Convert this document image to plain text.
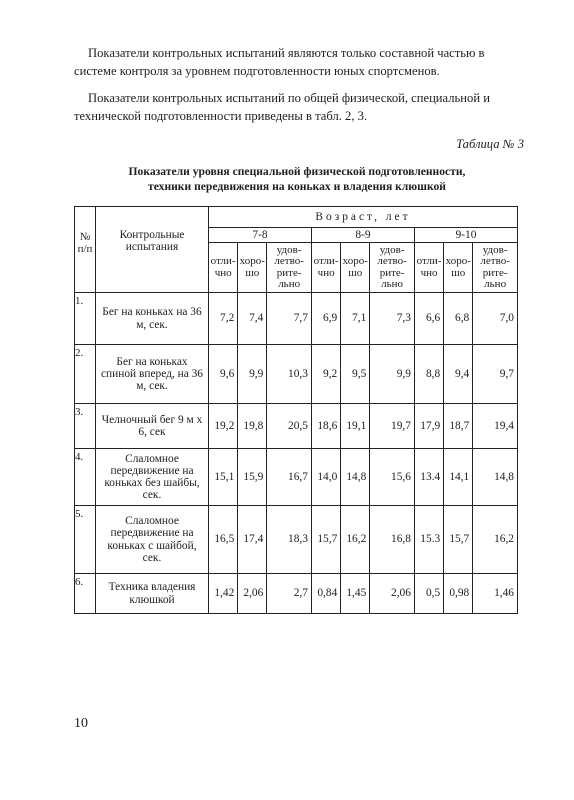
Показатели контрольных испытаний являются только составной частью в системе контроля за уровнем подготовленности юных спортсменов.

Показатели контрольных испытаний по общей физической, специальной и технической подготовленности приведены в табл. 2, 3.

Таблица № 3
Показатели уровня специальной физической подготовленности,
техники передвижения на коньках и владения клюшкой
№ п/п	Контрольные испытания	Возраст, лет								
		7-8			8-9			9-10		
		отли-чно	хоро-шо	удов-летво-рите-льно	отли-чно	хоро-шо	удов-летво-рите-льно	отли-чно	хоро-шо	удов-летво-рите-льно
1.	Бег на коньках на 36 м, сек.	7,2	7,4	7,7	6,9	7,1	7,3	6,6	6,8	7,0
2.	Бег на коньках спиной вперед, на 36 м, сек.	9,6	9,9	10,3	9,2	9,5	9,9	8,8	9,4	9,7
3.	Челночный бег 9 м х 6, сек	19,2	19,8	20,5	18,6	19,1	19,7	17,9	18,7	19,4
4.	Слаломное передвижение на коньках без шайбы, сек.	15,1	15,9	16,7	14,0	14,8	15,6	13.4	14,1	14,8
5.	Слаломное передвижение на коньках с шайбой, сек.	16,5	17,4	18,3	15,7	16,2	16,8	15.3	15,7	16,2
6.	Техника владения клюшкой	1,42	2,06	2,7	0,84	1,45	2,06	0,5	0,98	1,46
10
